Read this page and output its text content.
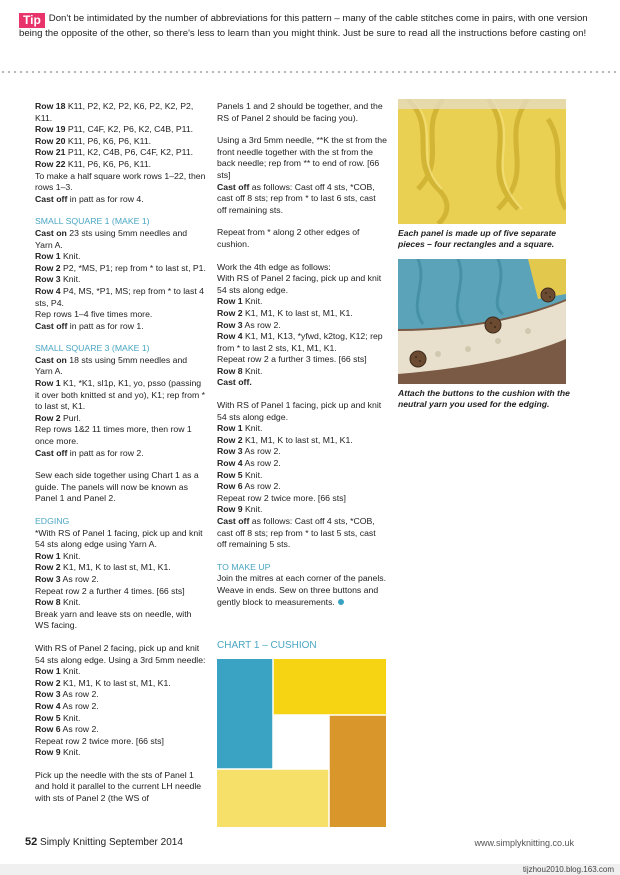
Tip Don't be intimidated by the number of abbreviations for this pattern – many of the cable stitches come in pairs, with one version being the opposite of the other, so there's less to learn than you might think. Just be sure to read all the instructions before casting on!

Row 18 K11, P2, K2, P2, K6, P2, K2, P2, K11.

Row 19 P11, C4F, K2, P6, K2, C4B, P11.

Row 20 K11, P6, K6, P6, K11.

Row 21 P11, K2, C4B, P6, C4F, K2, P11.

Row 22 K11, P6, K6, P6, K11.

To make a half square work rows 1–22, then rows 1–3.

Cast off in patt as for row 4.

SMALL SQUARE 1 (MAKE 1)

Cast on 23 sts using 5mm needles and Yarn A.

Row 1 Knit.

Row 2 P2, *MS, P1; rep from * to last st, P1.

Row 3 Knit.

Row 4 P4, MS, *P1, MS; rep from * to last 4 sts, P4.

Rep rows 1–4 five times more.

Cast off in patt as for row 1.

SMALL SQUARE 3 (MAKE 1)

Cast on 18 sts using 5mm needles and Yarn A.

Row 1 K1, *K1, sl1p, K1, yo, psso (passing it over both knitted st and yo), K1; rep from * to last st, K1.

Row 2 Purl.

Rep rows 1&2 11 times more, then row 1 once more.

Cast off in patt as for row 2.

Sew each side together using Chart 1 as a guide. The panels will now be known as Panel 1 and Panel 2.

EDGING

*With RS of Panel 1 facing, pick up and knit 54 sts along edge using Yarn A.

Row 1 Knit.

Row 2 K1, M1, K to last st, M1, K1.

Row 3 As row 2.

Repeat row 2 a further 4 times. [66 sts]

Row 8 Knit.

Break yarn and leave sts on needle, with WS facing.

With RS of Panel 2 facing, pick up and knit 54 sts along edge. Using a 3rd 5mm needle:

Row 1 Knit.

Row 2 K1, M1, K to last st, M1, K1.

Row 3 As row 2.

Row 4 As row 2.

Row 5 Knit.

Row 6 As row 2.

Repeat row 2 twice more. [66 sts]

Row 9 Knit.

Pick up the needle with the sts of Panel 1 and hold it parallel to the current LH needle with sts of Panel 2 (the WS of

Panels 1 and 2 should be together, and the RS of Panel 2 should be facing you).

Using a 3rd 5mm needle, **K the st from the front needle together with the st from the back needle; rep from ** to end of row. [66 sts]

Cast off as follows: Cast off 4 sts, *COB, cast off 8 sts; rep from * to last 6 sts, cast off remaining sts.

Repeat from * along 2 other edges of cushion.

Work the 4th edge as follows:

With RS of Panel 2 facing, pick up and knit 54 sts along edge.

Row 1 Knit.

Row 2 K1, M1, K to last st, M1, K1.

Row 3 As row 2.

Row 4 K1, M1, K13, *yfwd, k2tog, K12; rep from * to last 2 sts, K1, M1, K1.

Repeat row 2 a further 3 times. [66 sts]

Row 8 Knit.

Cast off.

With RS of Panel 1 facing, pick up and knit 54 sts along edge.

Row 1 Knit.

Row 2 K1, M1, K to last st, M1, K1.

Row 3 As row 2.

Row 4 As row 2.

Row 5 Knit.

Row 6 As row 2.

Repeat row 2 twice more. [66 sts]

Row 9 Knit.

Cast off as follows: Cast off 4 sts, *COB, cast off 8 sts; rep from * to last 5 sts, cast off remaining 5 sts.

TO MAKE UP

Join the mitres at each corner of the panels. Weave in ends. Sew on three buttons and gently block to measurements.

CHART 1 – CUSHION
Each panel is made up of five separate pieces – four rectangles and a square.
Attach the buttons to the cushion with the neutral yarn you used for the edging.
52 Simply Knitting September 2014	www.simplyknitting.co.uk
tijzhou2010.blog.163.com
